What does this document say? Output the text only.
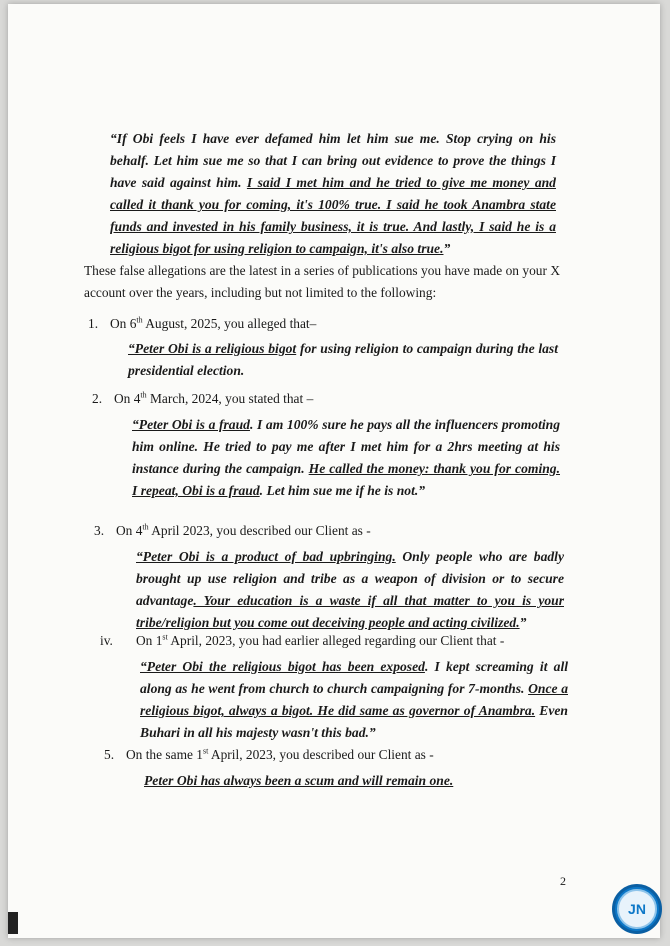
“If Obi feels I have ever defamed him let him sue me. Stop crying on his behalf. Let him sue me so that I can bring out evidence to prove the things I have said against him. I said I met him and he tried to give me money and called it thank you for coming, it's 100% true. I said he took Anambra state funds and invested in his family business, it is true. And lastly, I said he is a religious bigot for using religion to campaign, it's also true.”
These false allegations are the latest in a series of publications you have made on your X account over the years, including but not limited to the following:
1. On 6th August, 2025, you alleged that–
“Peter Obi is a religious bigot for using religion to campaign during the last presidential election.
2. On 4th March, 2024, you stated that –
“Peter Obi is a fraud. I am 100% sure he pays all the influencers promoting him online. He tried to pay me after I met him for a 2hrs meeting at his instance during the campaign. He called the money: thank you for coming. I repeat, Obi is a fraud. Let him sue me if he is not.”
3. On 4th April 2023, you described our Client as -
“Peter Obi is a product of bad upbringing. Only people who are badly brought up use religion and tribe as a weapon of division or to secure advantage. Your education is a waste if all that matter to you is your tribe/religion but you come out deceiving people and acting civilized.”
iv. On 1st April, 2023, you had earlier alleged regarding our Client that -
“Peter Obi the religious bigot has been exposed. I kept screaming it all along as he went from church to church campaigning for 7-months. Once a religious bigot, always a bigot. He did same as governor of Anambra. Even Buhari in all his majesty wasn't this bad.”
5. On the same 1st April, 2023, you described our Client as -
Peter Obi has always been a scum and will remain one.
2
JN
